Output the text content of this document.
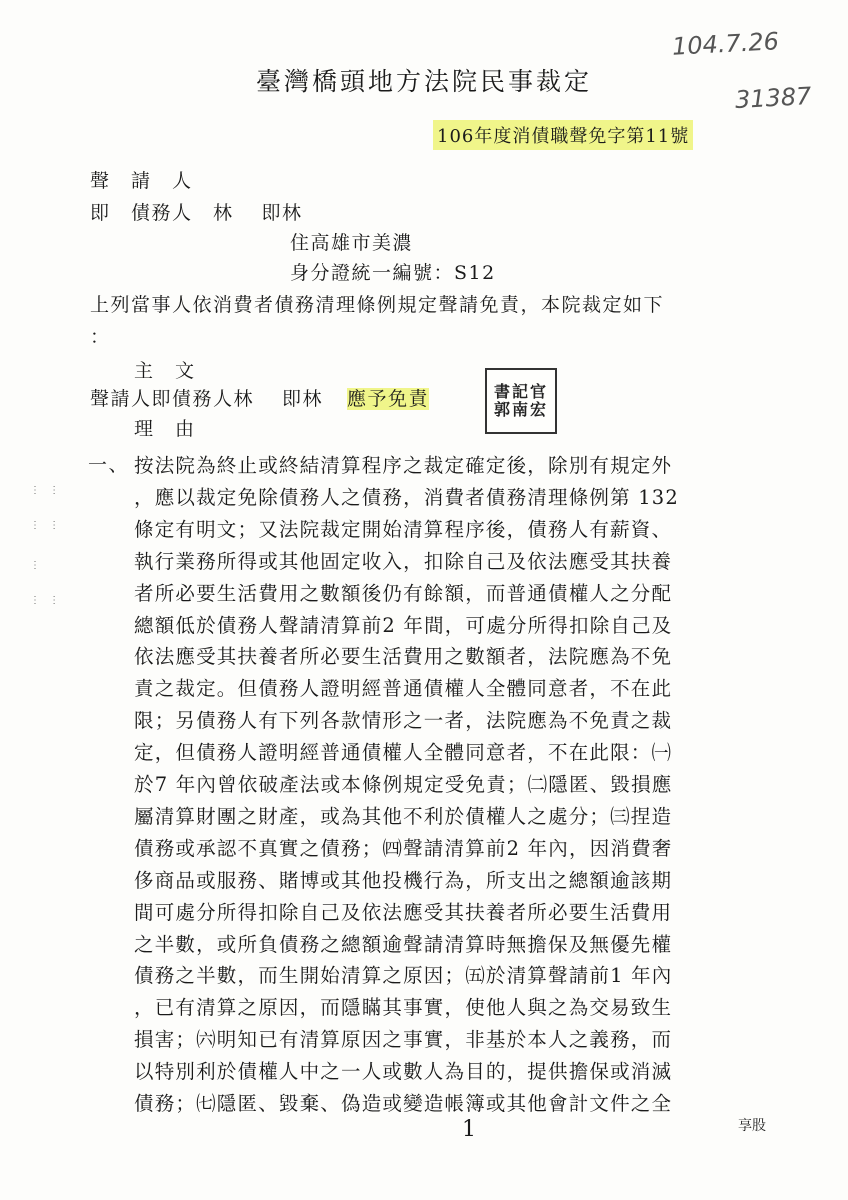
104.7.26
31387
臺灣橋頭地方法院民事裁定
106年度消債職聲免字第11號
聲　請　人
即　債務人　林 即林
住高雄市美濃
身分證統一編號：S12
上列當事人依消費者債務清理條例規定聲請免責，本院裁定如下
：
主　文
聲請人即債務人林 即林 應予免責	書記官
郭南宏
理　由
一、 按法院為終止或終結清算程序之裁定確定後，除別有規定外
，應以裁定免除債務人之債務，消費者債務清理條例第 132
條定有明文；又法院裁定開始清算程序後，債務人有薪資、
執行業務所得或其他固定收入，扣除自己及依法應受其扶養
者所必要生活費用之數額後仍有餘額，而普通債權人之分配
總額低於債務人聲請清算前2 年間，可處分所得扣除自己及
依法應受其扶養者所必要生活費用之數額者，法院應為不免
責之裁定。但債務人證明經普通債權人全體同意者，不在此
限；另債務人有下列各款情形之一者，法院應為不免責之裁
定，但債務人證明經普通債權人全體同意者，不在此限：㈠
於7 年內曾依破產法或本條例規定受免責；㈡隱匿、毀損應
屬清算財團之財產，或為其他不利於債權人之處分；㈢捏造
債務或承認不真實之債務；㈣聲請清算前2 年內，因消費奢
侈商品或服務、賭博或其他投機行為，所支出之總額逾該期
間可處分所得扣除自己及依法應受其扶養者所必要生活費用
之半數，或所負債務之總額逾聲請清算時無擔保及無優先權
債務之半數，而生開始清算之原因；㈤於清算聲請前1 年內
，已有清算之原因，而隱瞞其事實，使他人與之為交易致生
損害；㈥明知已有清算原因之事實，非基於本人之義務，而
以特別利於債權人中之一人或數人為目的，提供擔保或消滅
債務；㈦隱匿、毀棄、偽造或變造帳簿或其他會計文件之全
⋮ ⋮
⋮ ⋮
⋮
⋮ ⋮
1	享股
